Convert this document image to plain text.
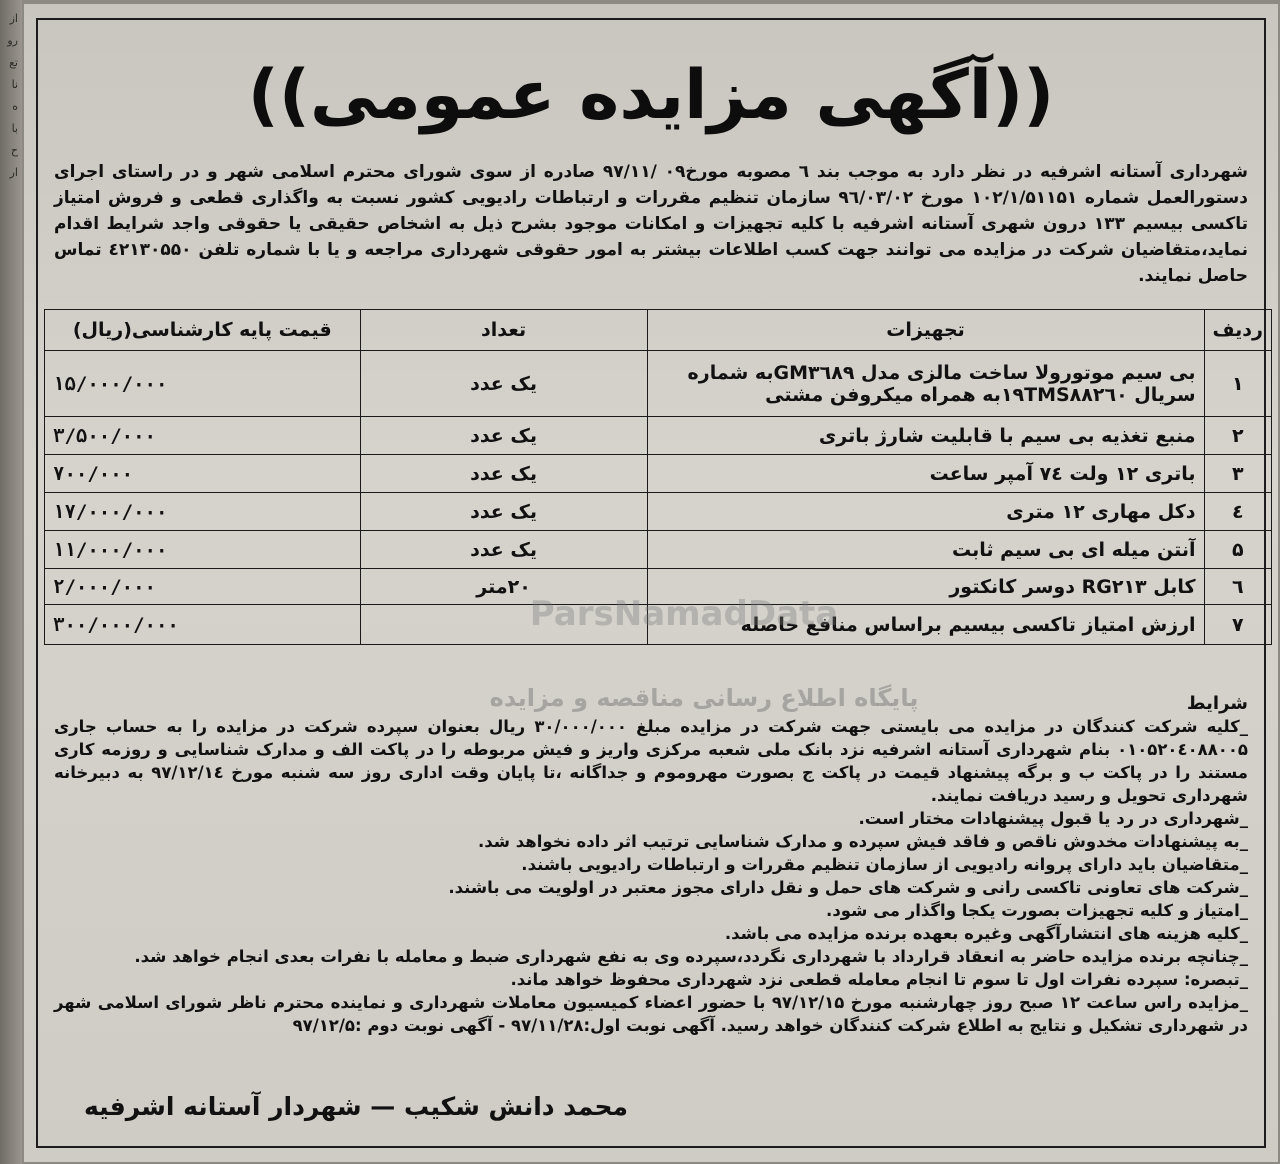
از
رو
تع
نا
ه
با
ح
ار
((آگهی مزایده عمومی))
شهرداری آستانه اشرفیه در نظر دارد به موجب بند ٦ مصوبه مورخ۰۹ /۹۷/۱۱ صادره از سوی شورای محترم اسلامی شهر و در راستای اجرای دستورالعمل شماره ۱۰۲/۱/۵۱۱۵۱ مورخ ۹٦/۰۳/۰۲ سازمان تنظیم مقررات و ارتباطات رادیویی کشور نسبت به واگذاری قطعی و فروش امتیاز تاکسی بیسیم ۱۳۳ درون شهری آستانه اشرفیه با کلیه تجهیزات و امکانات موجود بشرح ذیل به اشخاص حقیقی یا حقوقی واجد شرایط اقدام نماید،متقاضیان شرکت در مزایده می توانند جهت کسب اطلاعات بیشتر به امور حقوقی شهرداری مراجعه و یا با شماره تلفن ٤٢١۳۰۵۵۰ تماس حاصل نمایند.
ردیف	تجهیزات	تعداد	قیمت پایه کارشناسی(ریال)
۱	بی سیم موتورولا ساخت مالزی مدل GM۳٦۸۹به شماره سریال ۱۹TMS۸۸۲٦۰به همراه میکروفن مشتی	یک عدد	۱۵/۰۰۰/۰۰۰
۲	منبع تغذیه بی سیم با قابلیت شارژ باتری	یک عدد	۳/۵۰۰/۰۰۰
۳	باتری ۱۲ ولت ۷٤ آمپر ساعت	یک عدد	۷۰۰/۰۰۰
٤	دکل مهاری ۱۲ متری	یک عدد	۱۷/۰۰۰/۰۰۰
۵	آنتن میله ای بی سیم ثابت	یک عدد	۱۱/۰۰۰/۰۰۰
٦	کابل RG۲۱۳ دوسر کانکتور	۲۰متر	۲/۰۰۰/۰۰۰
۷	ارزش امتیاز تاکسی بیسیم براساس منافع حاصله		۳۰۰/۰۰۰/۰۰۰	ParsNamadData
پایگاه اطلاع رسانی مناقصه و مزایده	شرایط
_کلیه شرکت کنندگان در مزایده می بایستی جهت شرکت در مزایده مبلغ ۳۰/۰۰۰/۰۰۰ ریال بعنوان سپرده شرکت در مزایده را به حساب جاری ۰۱۰۵۲۰٤۰۸۸۰۰۵ بنام شهرداری آستانه اشرفیه نزد بانک ملی شعبه مرکزی واریز و فیش مربوطه را در پاکت الف و مدارک شناسایی و روزمه کاری مستند را در پاکت ب و برگه پیشنهاد قیمت در پاکت ج بصورت مهروموم و جداگانه ،تا پایان وقت اداری روز سه شنبه مورخ ۹۷/۱۲/۱٤ به دبیرخانه شهرداری تحویل و رسید دریافت نمایند.
_شهرداری در رد یا قبول پیشنهادات مختار است.
_به پیشنهادات مخدوش ناقص و فاقد فیش سپرده و مدارک شناسایی ترتیب اثر داده نخواهد شد.
_متقاضیان باید دارای پروانه رادیویی از سازمان تنظیم مقررات و ارتباطات رادیویی باشند.
_شرکت های تعاونی تاکسی رانی و شرکت های حمل و نقل دارای مجوز معتبر در اولویت می باشند.
_امتیاز و کلیه تجهیزات بصورت یکجا واگذار می شود.
_کلیه هزینه های انتشارآگهی وغیره بعهده برنده مزایده می باشد.
_چنانچه برنده مزایده حاضر به انعقاد قرارداد با شهرداری نگردد،سپرده وی به نفع شهرداری ضبط و معامله با نفرات بعدی انجام خواهد شد.
_تبصره: سپرده نفرات اول تا سوم تا انجام معامله قطعی نزد شهرداری محفوظ خواهد ماند.
_مزایده راس ساعت ۱۲ صبح روز چهارشنبه مورخ ۹۷/۱۲/۱۵ با حضور اعضاء کمیسیون معاملات شهرداری و نماینده محترم ناظر شورای اسلامی شهر در شهرداری تشکیل و نتایج به اطلاع شرکت کنندگان خواهد رسید. آگهی نوبت اول:۹۷/۱۱/۲۸ - آگهی نوبت دوم :۹۷/۱۲/۵
محمد دانش شکیب — شهردار آستانه اشرفیه
